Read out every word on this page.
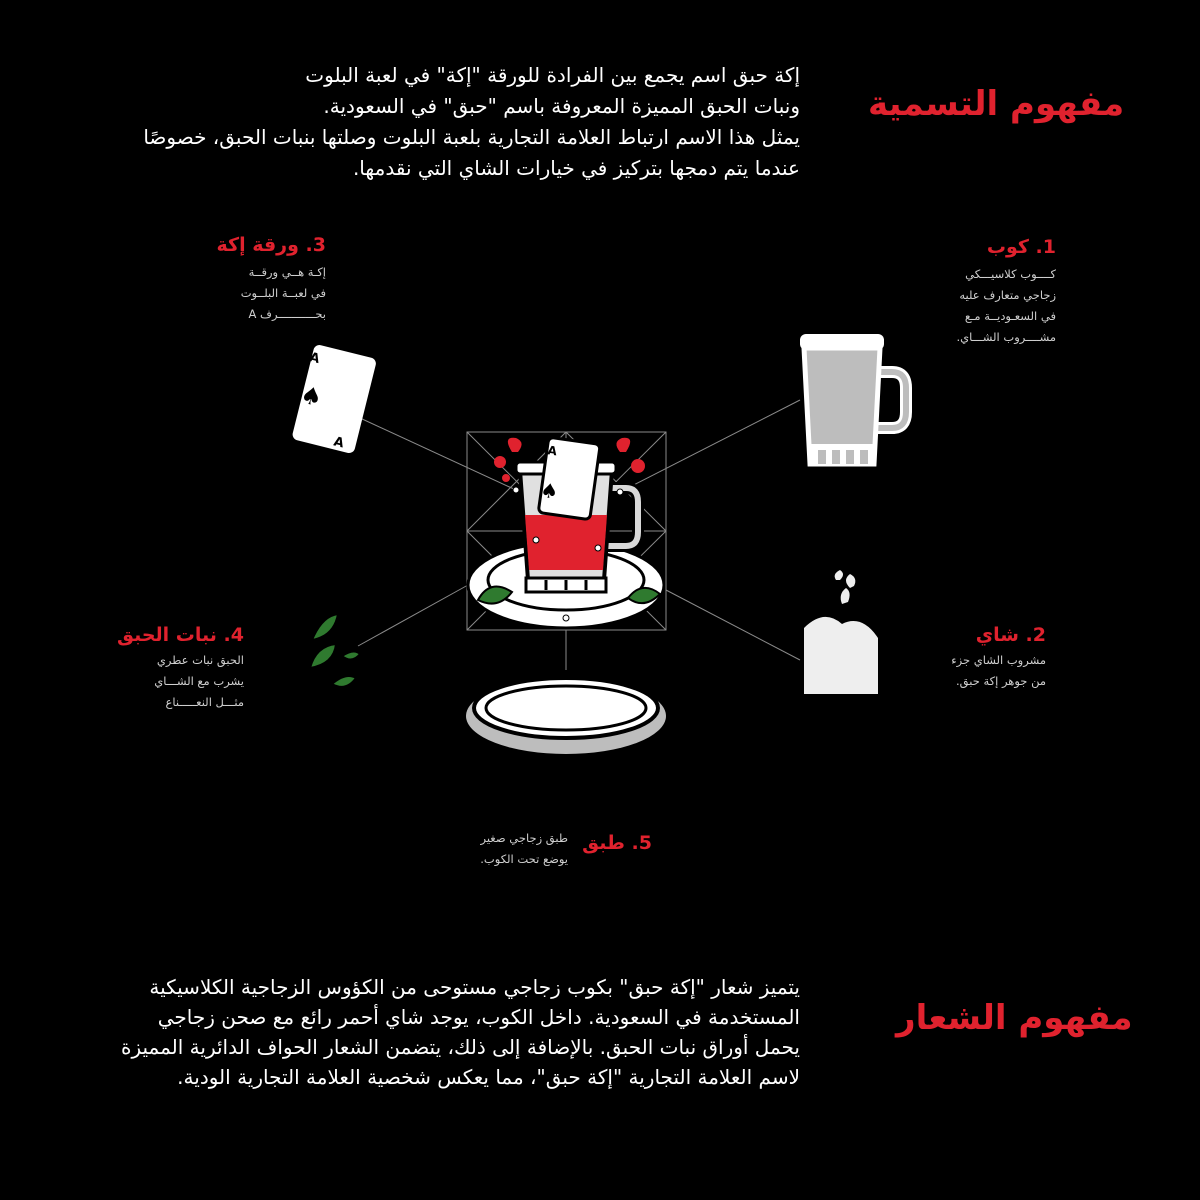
A
♠
A
A
♠
مفهوم التسمية
إكة حبق اسم يجمع بين الفرادة للورقة "إكة" في لعبة البلوت
ونبات الحبق المميزة المعروفة باسم "حبق" في السعودية.
يمثل هذا الاسم ارتباط العلامة التجارية بلعبة البلوت وصلتها بنبات الحبق، خصوصًا
عندما يتم دمجها بتركيز في خيارات الشاي التي نقدمها.
1. كوب
كــــوب كلاسيـــكي
زجاجي متعارف عليه
في السعـوديــة مـع
مشــــروب الشـــاي.
2. شاي
مشروب الشاي جزء
من جوهر إكة حبق.
3. ورقة إكة
إكـة هــي ورقــة
في لعبــة البلــوت
بحـــــــــــرف A
4. نبات الحبق
الحبق نبات عطري
يشرب مع الشـــاي
مثـــل النعـــــناع
5. طبق
طبق زجاجي صغير
يوضع تحت الكوب.
مفهوم الشعار
يتميز شعار "إكة حبق" بكوب زجاجي مستوحى من الكؤوس الزجاجية الكلاسيكية
المستخدمة في السعودية. داخل الكوب، يوجد شاي أحمر رائع مع صحن زجاجي
يحمل أوراق نبات الحبق. بالإضافة إلى ذلك، يتضمن الشعار الحواف الدائرية المميزة
لاسم العلامة التجارية "إكة حبق"، مما يعكس شخصية العلامة التجارية الودية.
